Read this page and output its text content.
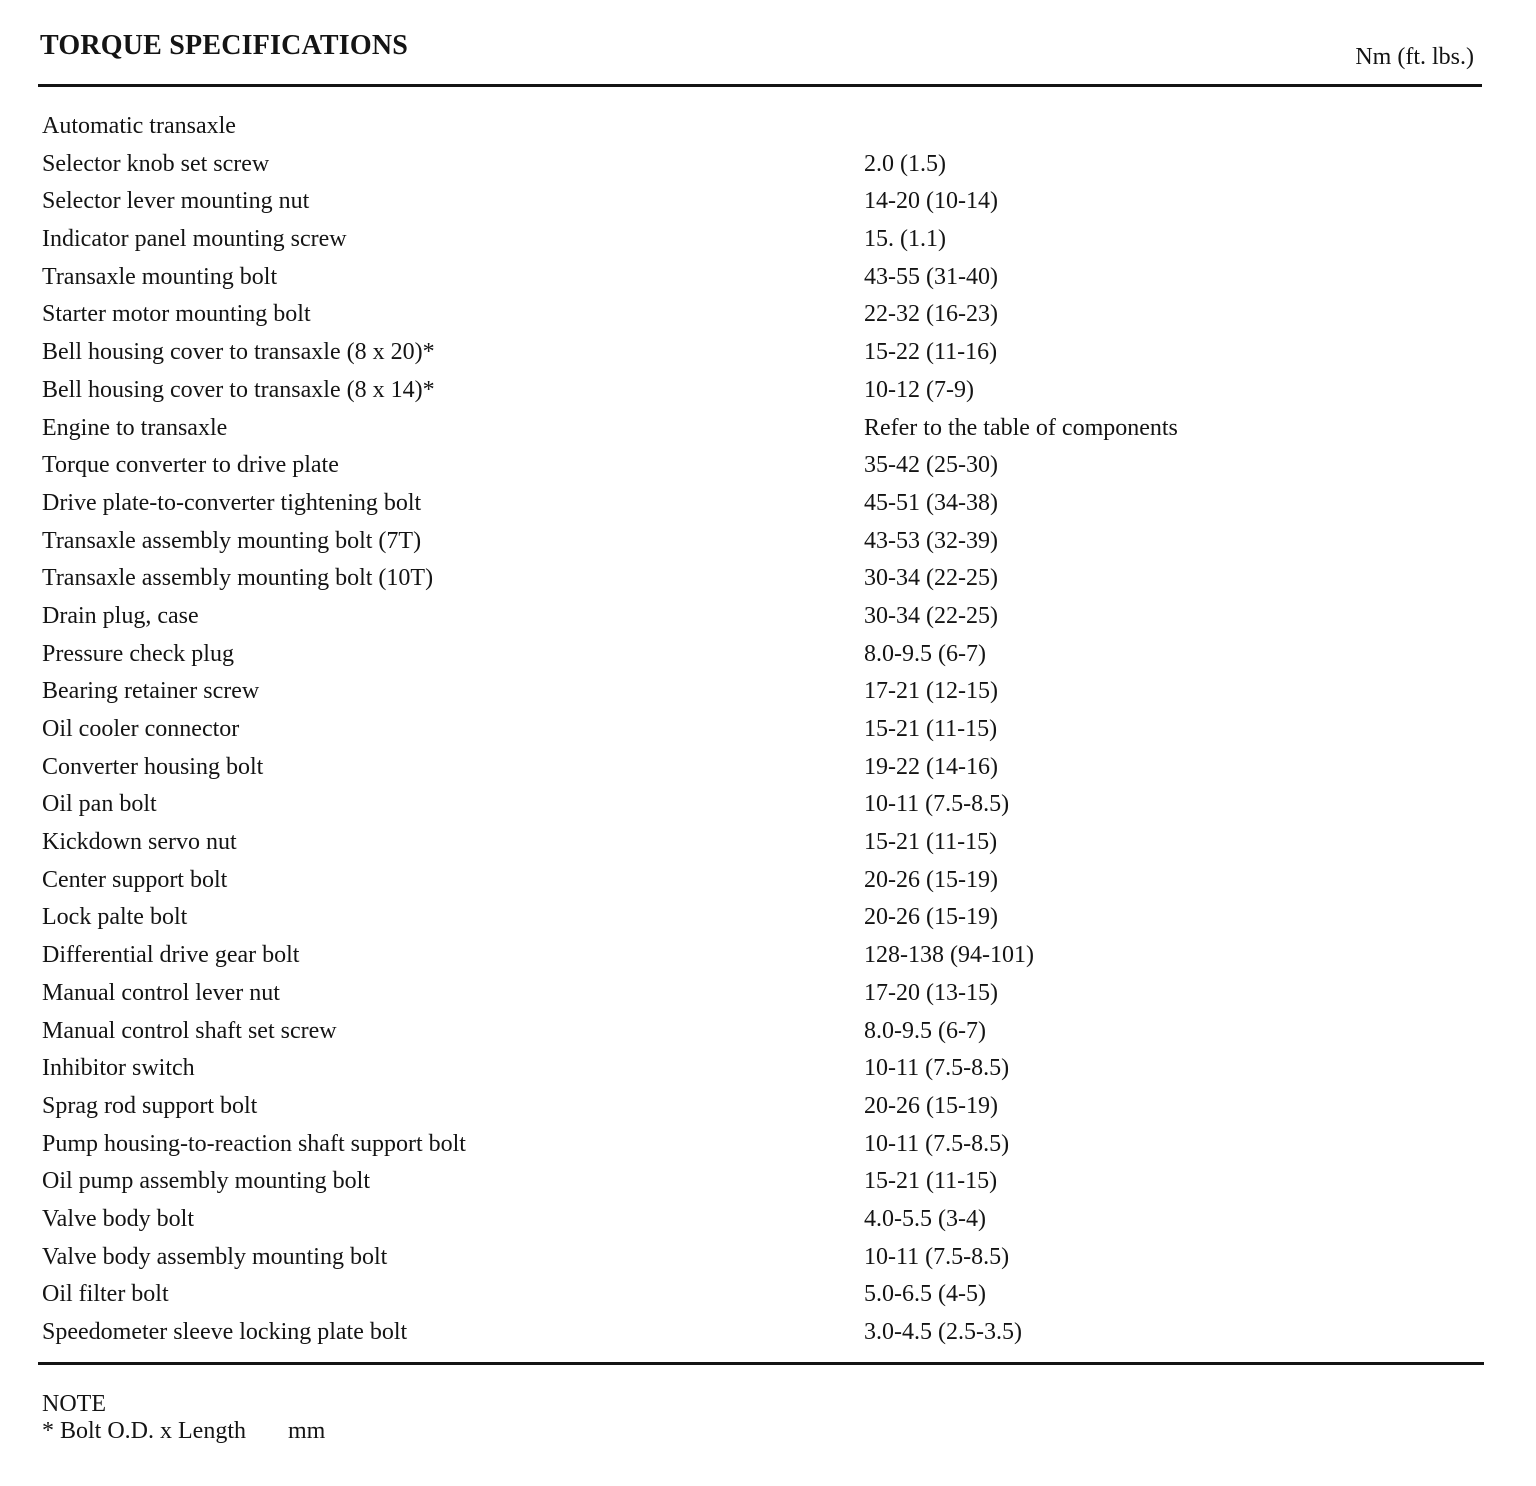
TORQUE SPECIFICATIONS	Nm (ft. lbs.)
Automatic transaxle
Selector knob set screw	2.0 (1.5)
Selector lever mounting nut	14-20 (10-14)
Indicator panel mounting screw	15. (1.1)
Transaxle mounting bolt	43-55 (31-40)
Starter motor mounting bolt	22-32 (16-23)
Bell housing cover to transaxle (8 x 20)*	15-22 (11-16)
Bell housing cover to transaxle (8 x 14)*	10-12 (7-9)
Engine to transaxle	Refer to the table of components
Torque converter to drive plate	35-42 (25-30)
Drive plate-to-converter tightening bolt	45-51 (34-38)
Transaxle assembly mounting bolt (7T)	43-53 (32-39)
Transaxle assembly mounting bolt (10T)	30-34 (22-25)
Drain plug, case	30-34 (22-25)
Pressure check plug	8.0-9.5 (6-7)
Bearing retainer screw	17-21 (12-15)
Oil cooler connector	15-21 (11-15)
Converter housing bolt	19-22 (14-16)
Oil pan bolt	10-11 (7.5-8.5)
Kickdown servo nut	15-21 (11-15)
Center support bolt	20-26 (15-19)
Lock palte bolt	20-26 (15-19)
Differential drive gear bolt	128-138 (94-101)
Manual control lever nut	17-20 (13-15)
Manual control shaft set screw	8.0-9.5 (6-7)
Inhibitor switch	10-11 (7.5-8.5)
Sprag rod support bolt	20-26 (15-19)
Pump housing-to-reaction shaft support bolt	10-11 (7.5-8.5)
Oil pump assembly mounting bolt	15-21 (11-15)
Valve body bolt	4.0-5.5 (3-4)
Valve body assembly mounting bolt	10-11 (7.5-8.5)
Oil filter bolt	5.0-6.5 (4-5)
Speedometer sleeve locking plate bolt	3.0-4.5 (2.5-3.5)
NOTE
* Bolt O.D. x Length mm
